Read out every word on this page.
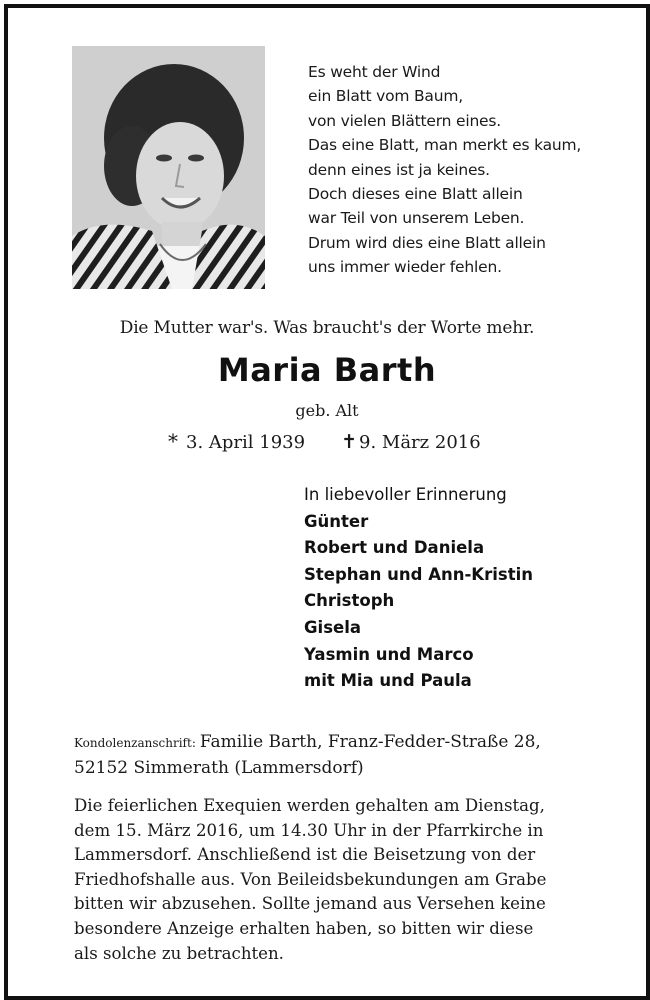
Es weht der Wind
ein Blatt vom Baum,
von vielen Blättern eines.
Das eine Blatt, man merkt es kaum,
denn eines ist ja keines.
Doch dieses eine Blatt allein
war Teil von unserem Leben.
Drum wird dies eine Blatt allein
uns immer wieder fehlen.
Die Mutter war's. Was braucht's der Worte mehr.
Maria Barth
geb. Alt
* 3. April 1939 ✝ 9. März 2016
In liebevoller Erinnerung
Günter
Robert und Daniela
Stephan und Ann-Kristin
Christoph
Gisela
Yasmin und Marco
mit Mia und Paula
Kondolenzanschrift: Familie Barth, Franz-Fedder-Straße 28,
52152 Simmerath (Lammersdorf)
Die feierlichen Exequien werden gehalten am Dienstag,
dem 15. März 2016, um 14.30 Uhr in der Pfarrkirche in
Lammersdorf. Anschließend ist die Beisetzung von der
Friedhofshalle aus. Von Beileidsbekundungen am Grabe
bitten wir abzusehen. Sollte jemand aus Versehen keine
besondere Anzeige erhalten haben, so bitten wir diese
als solche zu betrachten.
